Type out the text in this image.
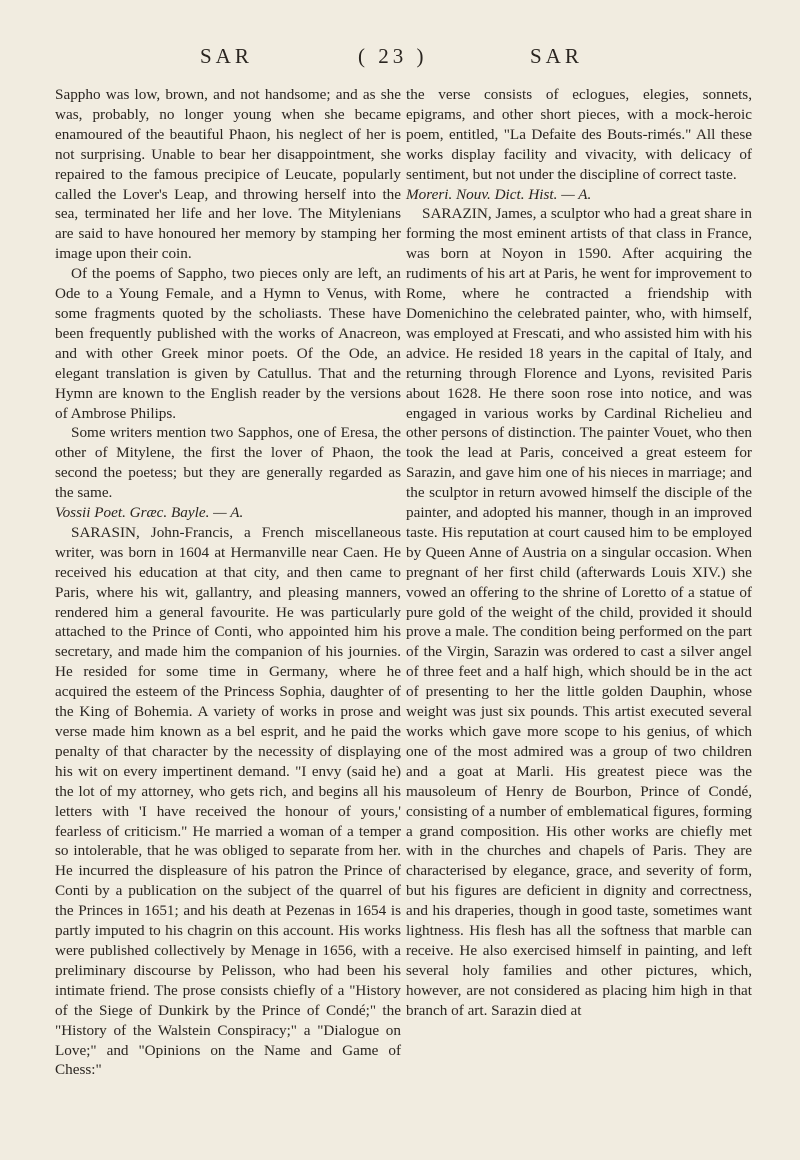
SAR	( 23 )	SAR

Sappho was low, brown, and not handsome; and as she was, probably, no longer young when she became enamoured of the beautiful Phaon, his neglect of her is not surprising. Unable to bear her disappointment, she repaired to the famous precipice of Leucate, popularly called the Lover's Leap, and throwing herself into the sea, terminated her life and her love. The Mitylenians are said to have honoured her memory by stamping her image upon their coin.

Of the poems of Sappho, two pieces only are left, an Ode to a Young Female, and a Hymn to Venus, with some fragments quoted by the scholiasts. These have been frequently published with the works of Anacreon, and with other Greek minor poets. Of the Ode, an elegant translation is given by Catullus. That and the Hymn are known to the English reader by the versions of Ambrose Philips.

Some writers mention two Sapphos, one of Eresa, the other of Mitylene, the first the lover of Phaon, the second the poetess; but they are generally regarded as the same.

Vossii Poet. Græc. Bayle. — A.

SARASIN, John-Francis, a French miscellaneous writer, was born in 1604 at Hermanville near Caen. He received his education at that city, and then came to Paris, where his wit, gallantry, and pleasing manners, rendered him a general favourite. He was particularly attached to the Prince of Conti, who appointed him his secretary, and made him the companion of his journies. He resided for some time in Germany, where he acquired the esteem of the Princess Sophia, daughter of the King of Bohemia. A variety of works in prose and verse made him known as a bel esprit, and he paid the penalty of that character by the necessity of displaying his wit on every impertinent demand. "I envy (said he) the lot of my attorney, who gets rich, and begins all his letters with 'I have received the honour of yours,' fearless of criticism." He married a woman of a temper so intolerable, that he was obliged to separate from her. He incurred the displeasure of his patron the Prince of Conti by a publication on the subject of the quarrel of the Princes in 1651; and his death at Pezenas in 1654 is partly imputed to his chagrin on this account. His works were published collectively by Menage in 1656, with a preliminary discourse by Pelisson, who had been his intimate friend. The prose consists chiefly of a "History of the Siege of Dunkirk by the Prince of Condé;" the "History of the Walstein Conspiracy;" a "Dialogue on Love;" and "Opinions on the Name and Game of Chess:"

the verse consists of eclogues, elegies, sonnets, epigrams, and other short pieces, with a mock-heroic poem, entitled, "La Defaite des Bouts-rimés." All these works display facility and vivacity, with delicacy of sentiment, but not under the discipline of correct taste.

Moreri. Nouv. Dict. Hist. — A.

SARAZIN, James, a sculptor who had a great share in forming the most eminent artists of that class in France, was born at Noyon in 1590. After acquiring the rudiments of his art at Paris, he went for improvement to Rome, where he contracted a friendship with Domenichino the celebrated painter, who, with himself, was employed at Frescati, and who assisted him with his advice. He resided 18 years in the capital of Italy, and returning through Florence and Lyons, revisited Paris about 1628. He there soon rose into notice, and was engaged in various works by Cardinal Richelieu and other persons of distinction. The painter Vouet, who then took the lead at Paris, conceived a great esteem for Sarazin, and gave him one of his nieces in marriage; and the sculptor in return avowed himself the disciple of the painter, and adopted his manner, though in an improved taste. His reputation at court caused him to be employed by Queen Anne of Austria on a singular occasion. When pregnant of her first child (afterwards Louis XIV.) she vowed an offering to the shrine of Loretto of a statue of pure gold of the weight of the child, provided it should prove a male. The condition being performed on the part of the Virgin, Sarazin was ordered to cast a silver angel of three feet and a half high, which should be in the act of presenting to her the little golden Dauphin, whose weight was just six pounds. This artist executed several works which gave more scope to his genius, of which one of the most admired was a group of two children and a goat at Marli. His greatest piece was the mausoleum of Henry de Bourbon, Prince of Condé, consisting of a number of emblematical figures, forming a grand composition. His other works are chiefly met with in the churches and chapels of Paris. They are characterised by elegance, grace, and severity of form, but his figures are deficient in dignity and correctness, and his draperies, though in good taste, sometimes want lightness. His flesh has all the softness that marble can receive. He also exercised himself in painting, and left several holy families and other pictures, which, however, are not considered as placing him high in that branch of art. Sarazin died at
